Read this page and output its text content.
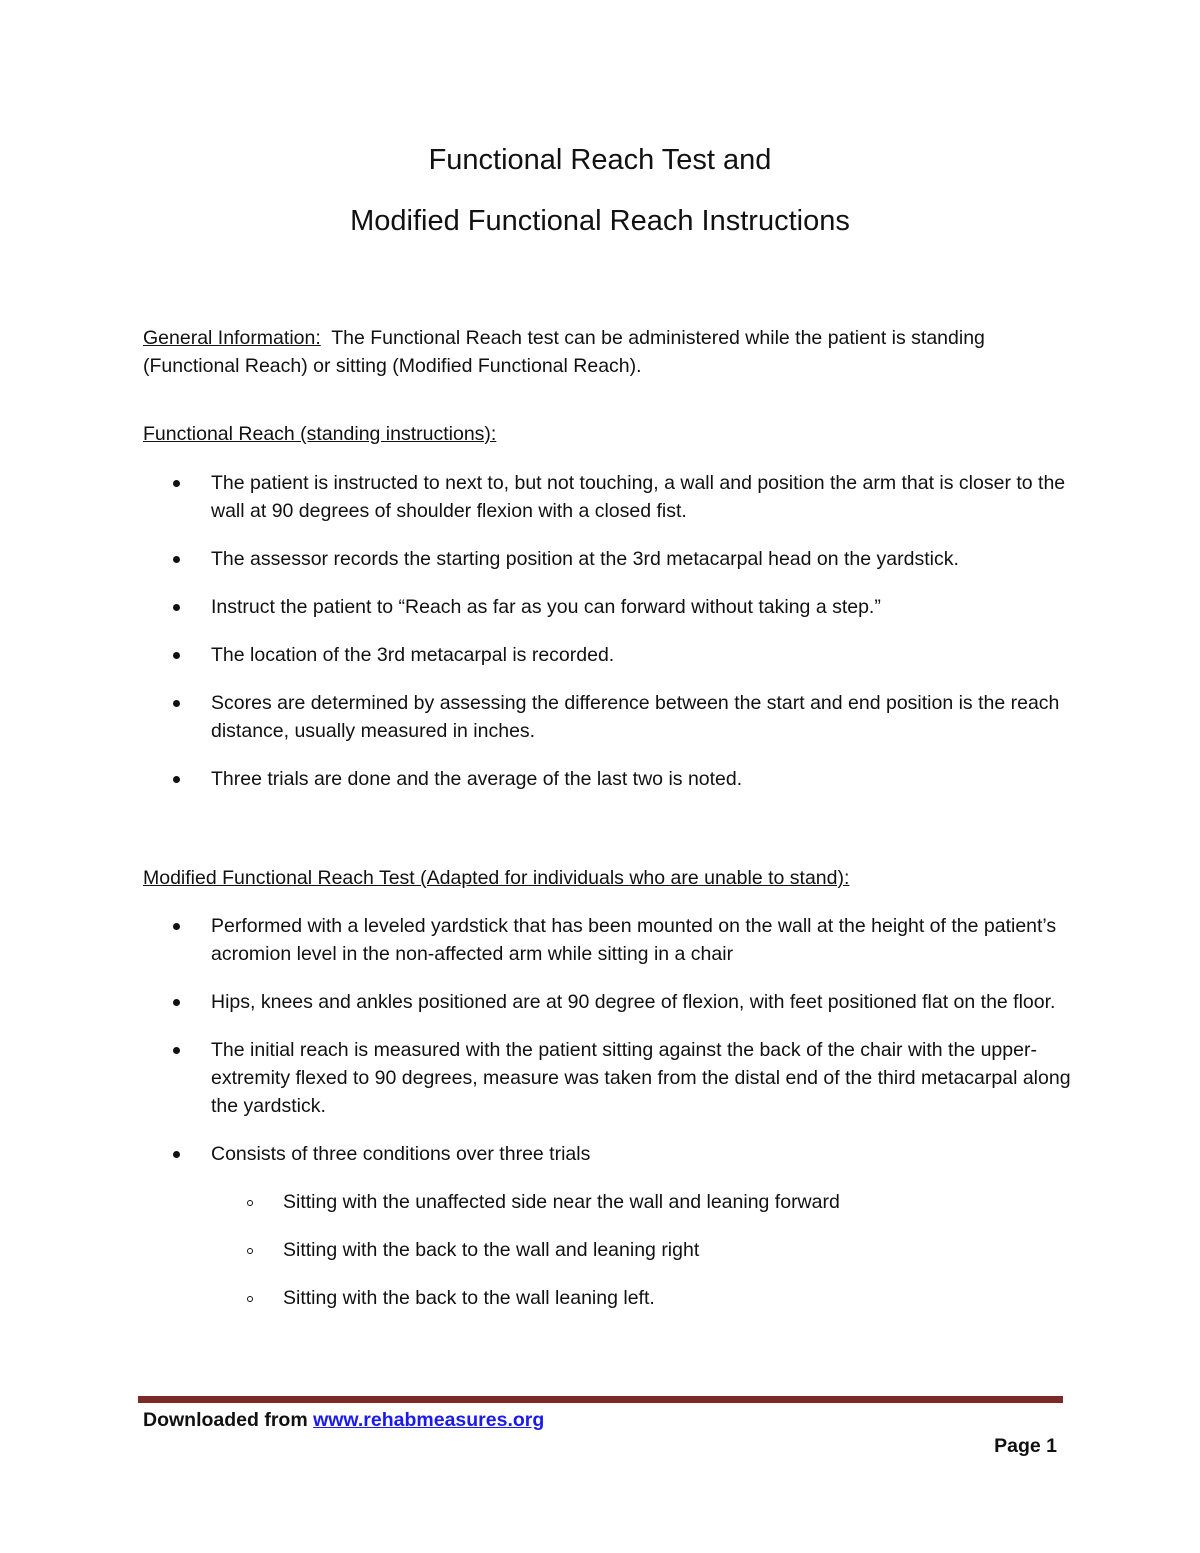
Functional Reach Test and
Modified Functional Reach Instructions
General Information:  The Functional Reach test can be administered while the patient is standing (Functional Reach) or sitting (Modified Functional Reach).
Functional Reach (standing instructions):
The patient is instructed to next to, but not touching, a wall and position the arm that is closer to the wall at 90 degrees of shoulder flexion with a closed fist.
The assessor records the starting position at the 3rd metacarpal head on the yardstick.
Instruct the patient to “Reach as far as you can forward without taking a step.”
The location of the 3rd metacarpal is recorded.
Scores are determined by assessing the difference between the start and end position is the reach distance, usually measured in inches.
Three trials are done and the average of the last two is noted.
Modified Functional Reach Test (Adapted for individuals who are unable to stand):
Performed with a leveled yardstick that has been mounted on the wall at the height of the patient’s acromion level in the non-affected arm while sitting in a chair
Hips, knees and ankles positioned are at 90 degree of flexion, with feet positioned flat on the floor.
The initial reach is measured with the patient sitting against the back of the chair with the upper-extremity flexed to 90 degrees, measure was taken from the distal end of the third metacarpal along the yardstick.
Consists of three conditions over three trials
Sitting with the unaffected side near the wall and leaning forward
Sitting with the back to the wall and leaning right
Sitting with the back to the wall leaning left.
Downloaded from www.rehabmeasures.org
Page 1
